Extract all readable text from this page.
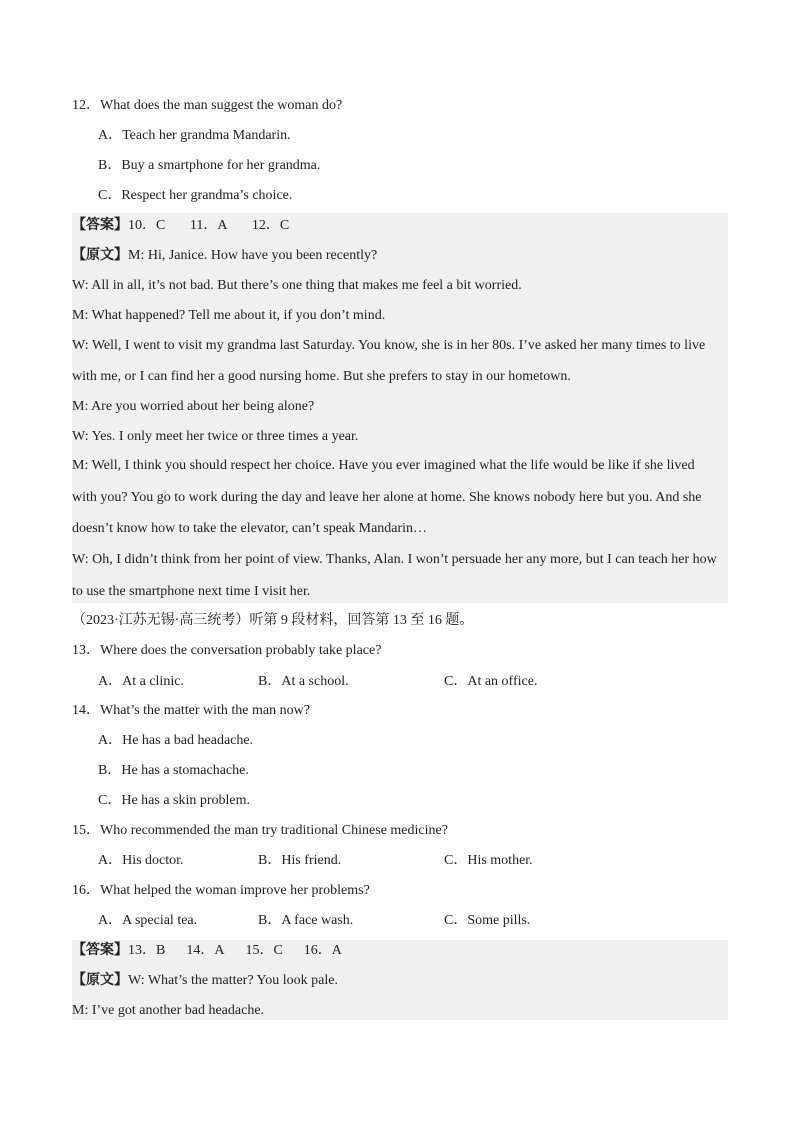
12．What does the man suggest the woman do?
A．Teach her grandma Mandarin.
B．Buy a smartphone for her grandma.
C．Respect her grandma’s choice.
【答案】10．C       11．A       12．C
【原文】M: Hi, Janice. How have you been recently?
W: All in all, it’s not bad. But there’s one thing that makes me feel a bit worried.
M: What happened? Tell me about it, if you don’t mind.
W: Well, I went to visit my grandma last Saturday. You know, she is in her 80s. I’ve asked her many times to live
with me, or I can find her a good nursing home. But she prefers to stay in our hometown.
M: Are you worried about her being alone?
W: Yes. I only meet her twice or three times a year.
M: Well, I think you should respect her choice. Have you ever imagined what the life would be like if she lived
with you? You go to work during the day and leave her alone at home. She knows nobody here but you. And she
doesn’t know how to take the elevator, can’t speak Mandarin…
W: Oh, I didn’t think from her point of view. Thanks, Alan. I won’t persuade her any more, but I can teach her how
to use the smartphone next time I visit her.
（2023·江苏无锡·高三统考）听第 9 段材料，回答第 13 至 16 题。
13．Where does the conversation probably take place?
A．At a clinic.	B．At a school.	C．At an office.
14．What’s the matter with the man now?
A．He has a bad headache.
B．He has a stomachache.
C．He has a skin problem.
15．Who recommended the man try traditional Chinese medicine?
A．His doctor.	B．His friend.	C．His mother.
16．What helped the woman improve her problems?
A．A special tea.	B．A face wash.	C．Some pills.
【答案】13．B      14．A      15．C      16．A
【原文】W: What’s the matter? You look pale.
M: I’ve got another bad headache.
